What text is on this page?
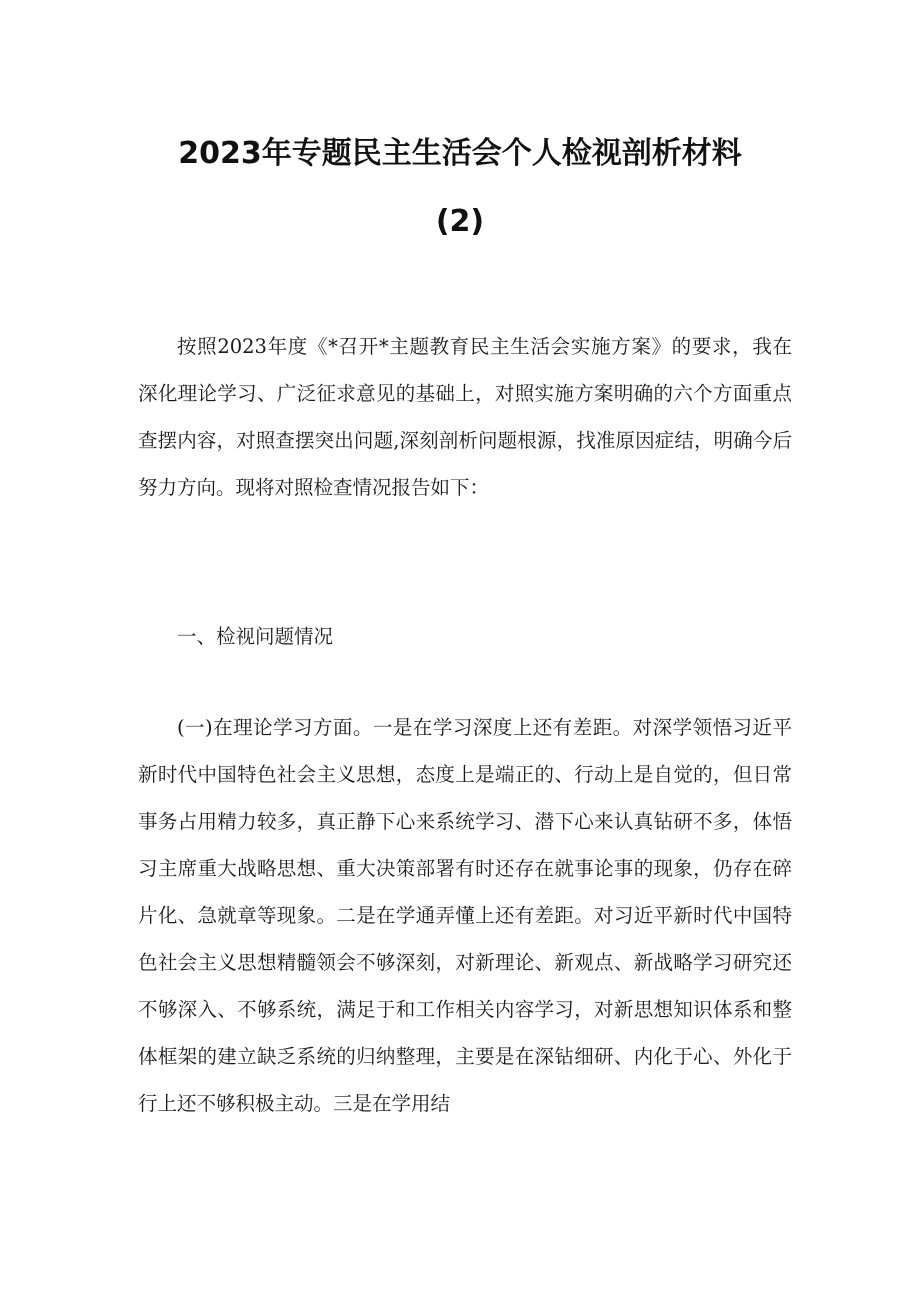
2023年专题民主生活会个人检视剖析材料
(2)

按照2023年度《*召开*主题教育民主生活会实施方案》的要求，我在深化理论学习、广泛征求意见的基础上，对照实施方案明确的六个方面重点查摆内容，对照查摆突出问题,深刻剖析问题根源，找准原因症结，明确今后努力方向。现将对照检查情况报告如下：

一、检视问题情况

(一)在理论学习方面。一是在学习深度上还有差距。对深学领悟习近平新时代中国特色社会主义思想，态度上是端正的、行动上是自觉的，但日常事务占用精力较多，真正静下心来系统学习、潜下心来认真钻研不多，体悟习主席重大战略思想、重大决策部署有时还存在就事论事的现象，仍存在碎片化、急就章等现象。二是在学通弄懂上还有差距。对习近平新时代中国特色社会主义思想精髓领会不够深刻，对新理论、新观点、新战略学习研究还不够深入、不够系统，满足于和工作相关内容学习，对新思想知识体系和整体框架的建立缺乏系统的归纳整理，主要是在深钻细研、内化于心、外化于行上还不够积极主动。三是在学用结
